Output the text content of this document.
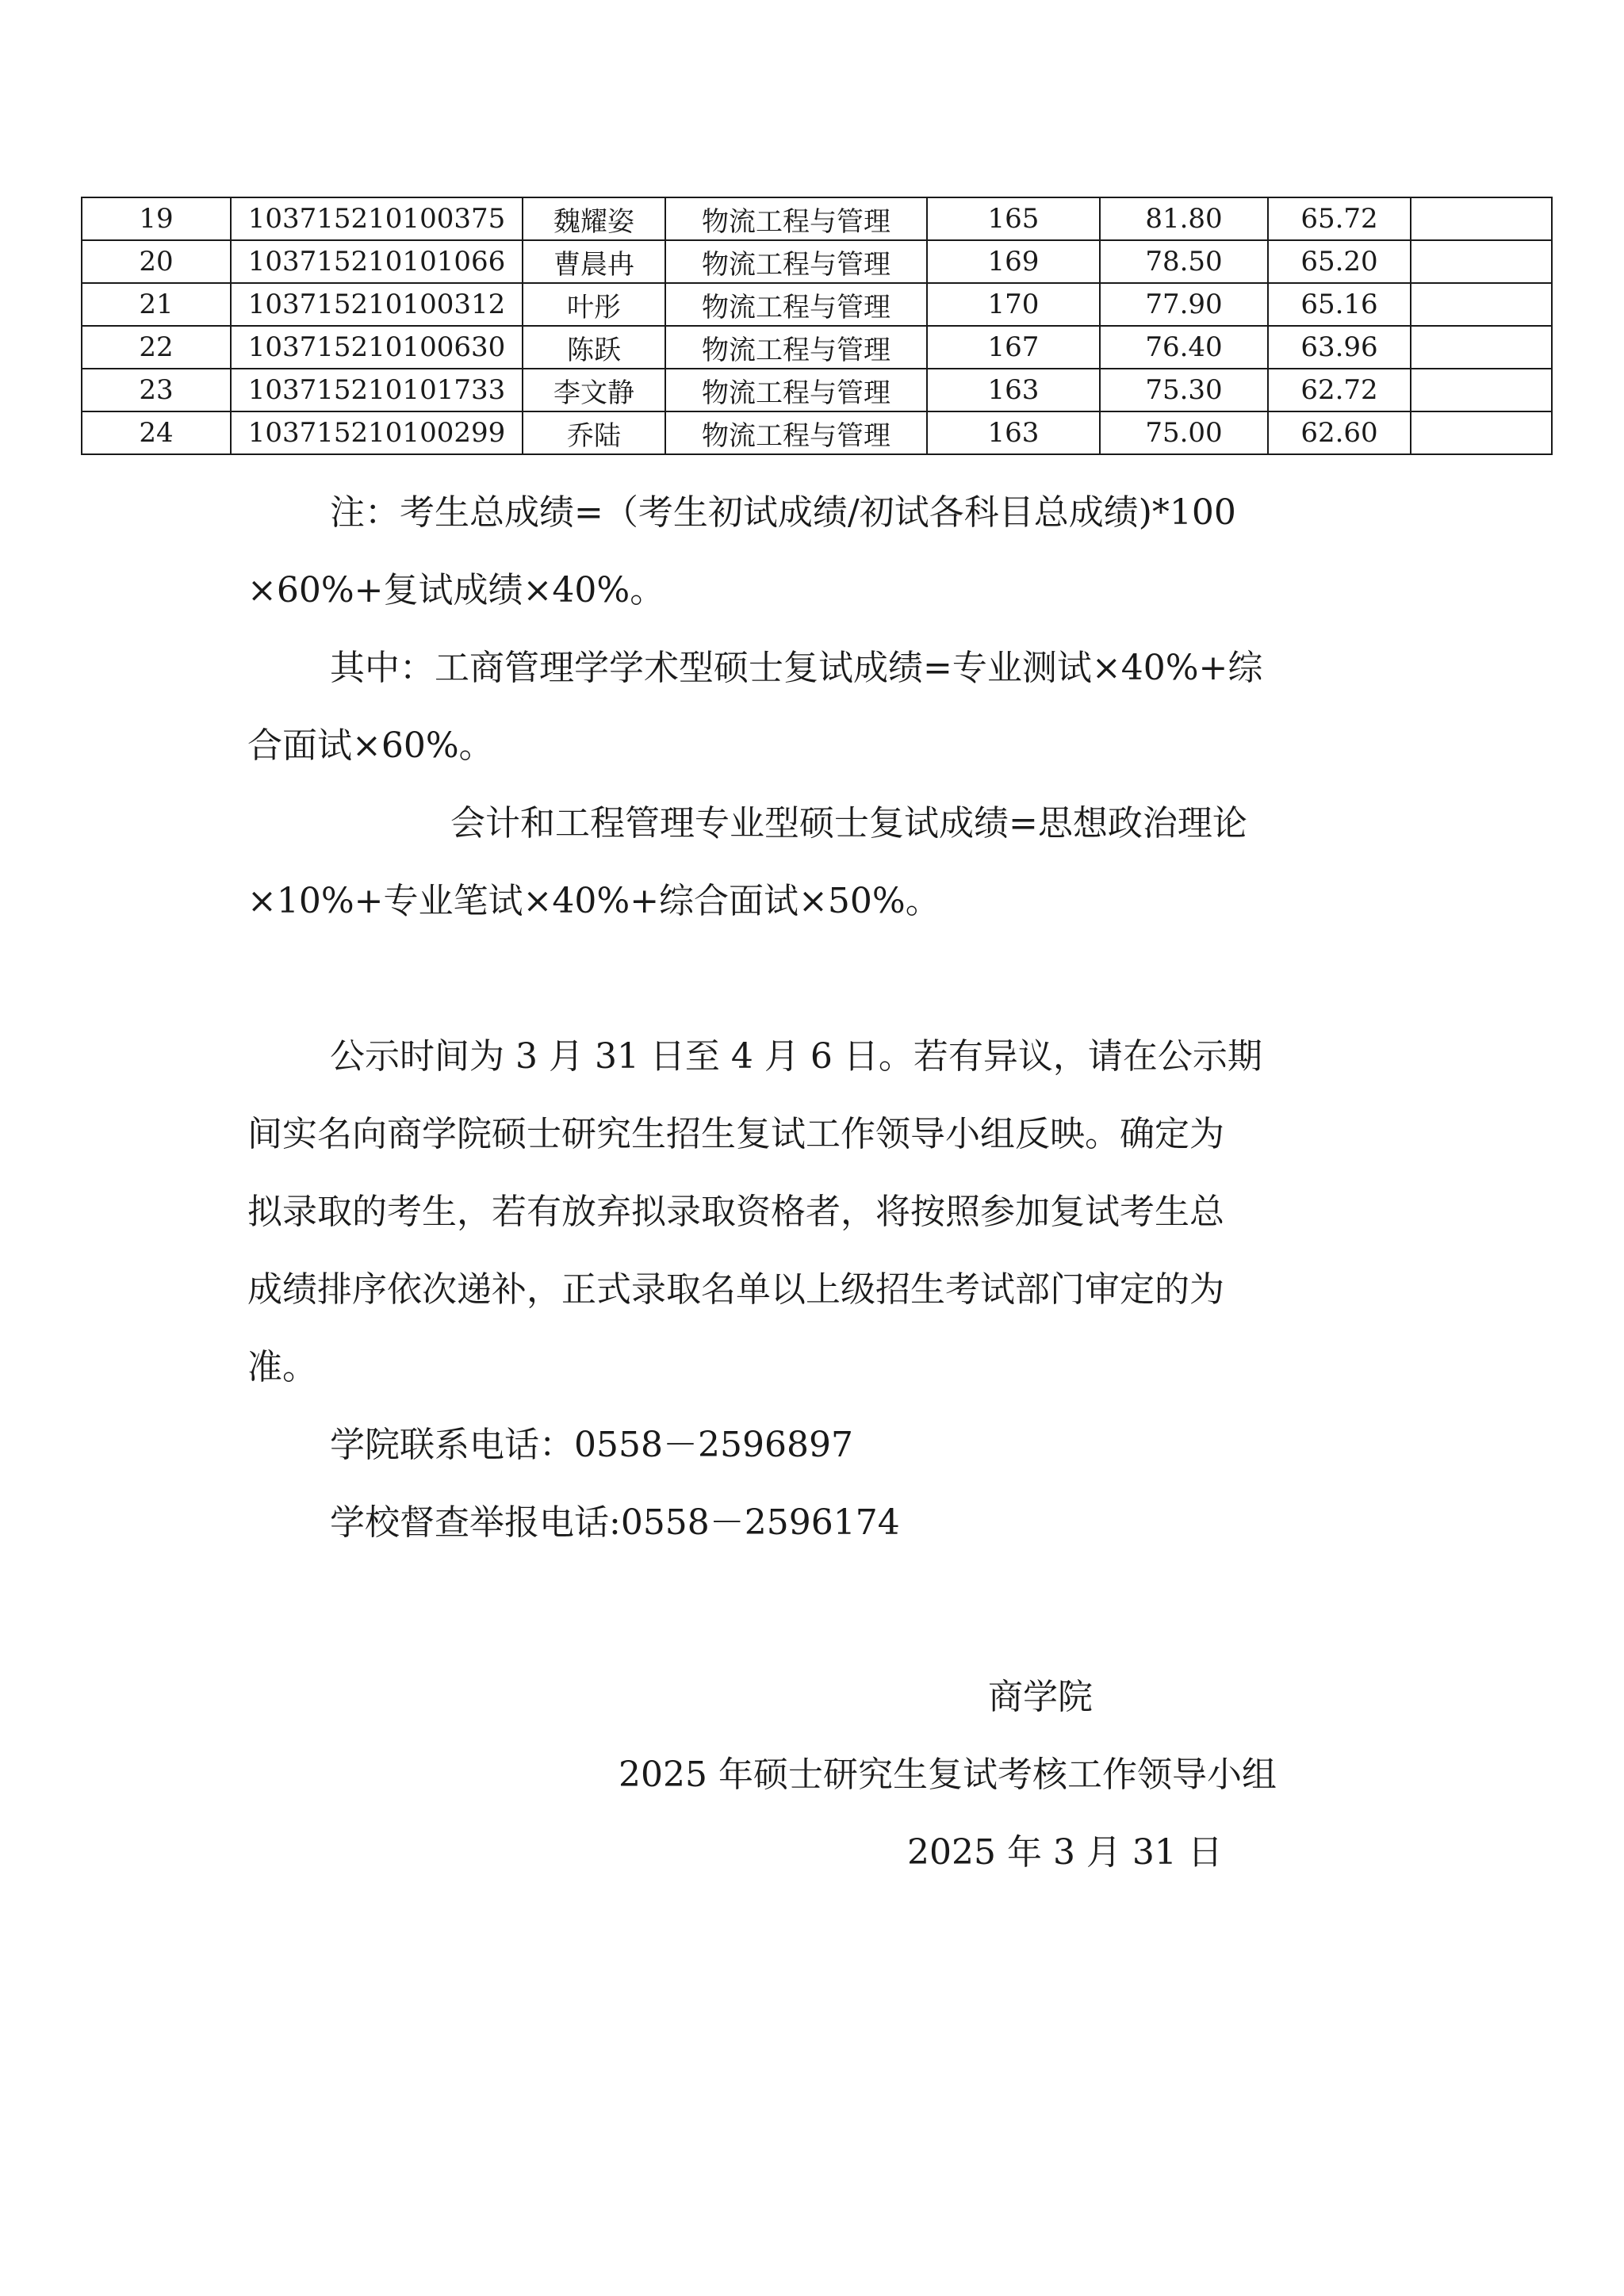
19	103715210100375	魏耀姿	物流工程与管理	165	81.80	65.72	
20	103715210101066	曹晨冉	物流工程与管理	169	78.50	65.20	
21	103715210100312	叶彤	物流工程与管理	170	77.90	65.16	
22	103715210100630	陈跃	物流工程与管理	167	76.40	63.96	
23	103715210101733	李文静	物流工程与管理	163	75.30	62.72	
24	103715210100299	乔陆	物流工程与管理	163	75.00	62.60	
注：考生总成绩=（考生初试成绩/初试各科目总成绩)*100
×60%+复试成绩×40%。
其中：工商管理学学术型硕士复试成绩=专业测试×40%+综
合面试×60%。
会计和工程管理专业型硕士复试成绩=思想政治理论
×10%+专业笔试×40%+综合面试×50%。
公示时间为 3 月 31 日至 4 月 6 日。若有异议，请在公示期
间实名向商学院硕士研究生招生复试工作领导小组反映。确定为
拟录取的考生，若有放弃拟录取资格者，将按照参加复试考生总
成绩排序依次递补，正式录取名单以上级招生考试部门审定的为
准。
学院联系电话：0558－2596897
学校督查举报电话:0558－2596174
商学院
2025 年硕士研究生复试考核工作领导小组
2025 年 3 月 31 日
